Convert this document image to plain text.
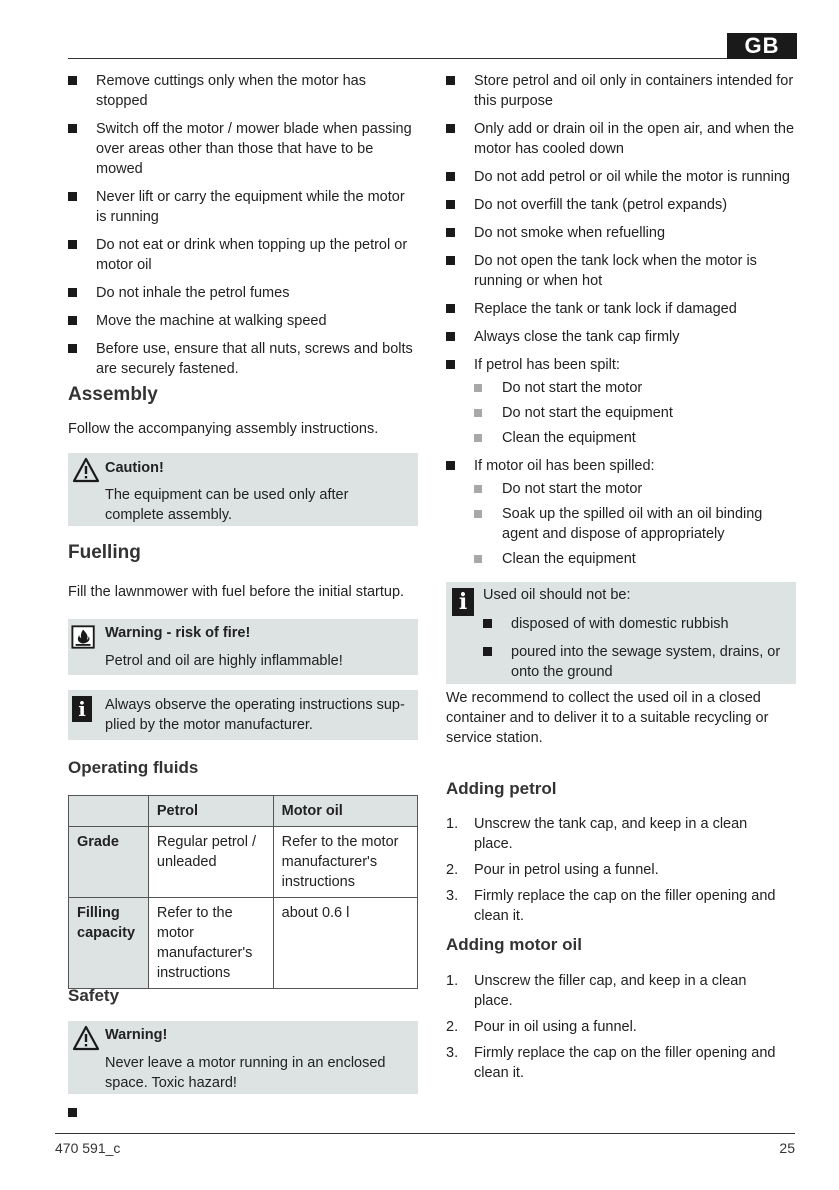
GB
Remove cuttings only when the motor has stopped
Switch off the motor / mower blade when passing over areas other than those that have to be mowed
Never lift or carry the equipment while the motor is running
Do not eat or drink when topping up the petrol or motor oil
Do not inhale the petrol fumes
Move the machine at walking speed
Before use, ensure that all nuts, screws and bolts are securely fastened.
Assembly

Follow the accompanying assembly instructions.

Caution!
The equipment can be used only after complete assembly.
Fuelling

Fill the lawnmower with fuel before the initial startup.

Warning - risk of fire!
Petrol and oil are highly inflammable!
i	Always observe the operating instructions sup-plied by the motor manufacturer.
Operating fluids
	Petrol	Motor oil
Grade	Regular petrol / unleaded	Refer to the motor manufacturer's instructions
Filling capacity	Refer to the motor manufacturer's instructions	about 0.6 l
Safety
Warning!
Never leave a motor running in an enclosed space. Toxic hazard!
Store petrol and oil only in containers intended for this purpose
Only add or drain oil in the open air, and when the motor has cooled down
Do not add petrol or oil while the motor is running
Do not overfill the tank (petrol expands)
Do not smoke when refuelling
Do not open the tank lock when the motor is running or when hot
Replace the tank or tank lock if damaged
Always close the tank cap firmly
If petrol has been spilt:
Do not start the motor
Do not start the equipment
Clean the equipment
If motor oil has been spilled:
Do not start the motor
Soak up the spilled oil with an oil binding agent and dispose of appropriately
Clean the equipment
i	Used oil should not be:
disposed of with domestic rubbish
poured into the sewage system, drains, or onto the ground

We recommend to collect the used oil in a closed container and to deliver it to a suitable recycling or service station.

Adding petrol
1. Unscrew the tank cap, and keep in a clean place.
2. Pour in petrol using a funnel.
3. Firmly replace the cap on the filler opening and clean it.
Adding motor oil
1. Unscrew the filler cap, and keep in a clean place.
2. Pour in oil using a funnel.
3. Firmly replace the cap on the filler opening and clean it.
470 591_c	25
